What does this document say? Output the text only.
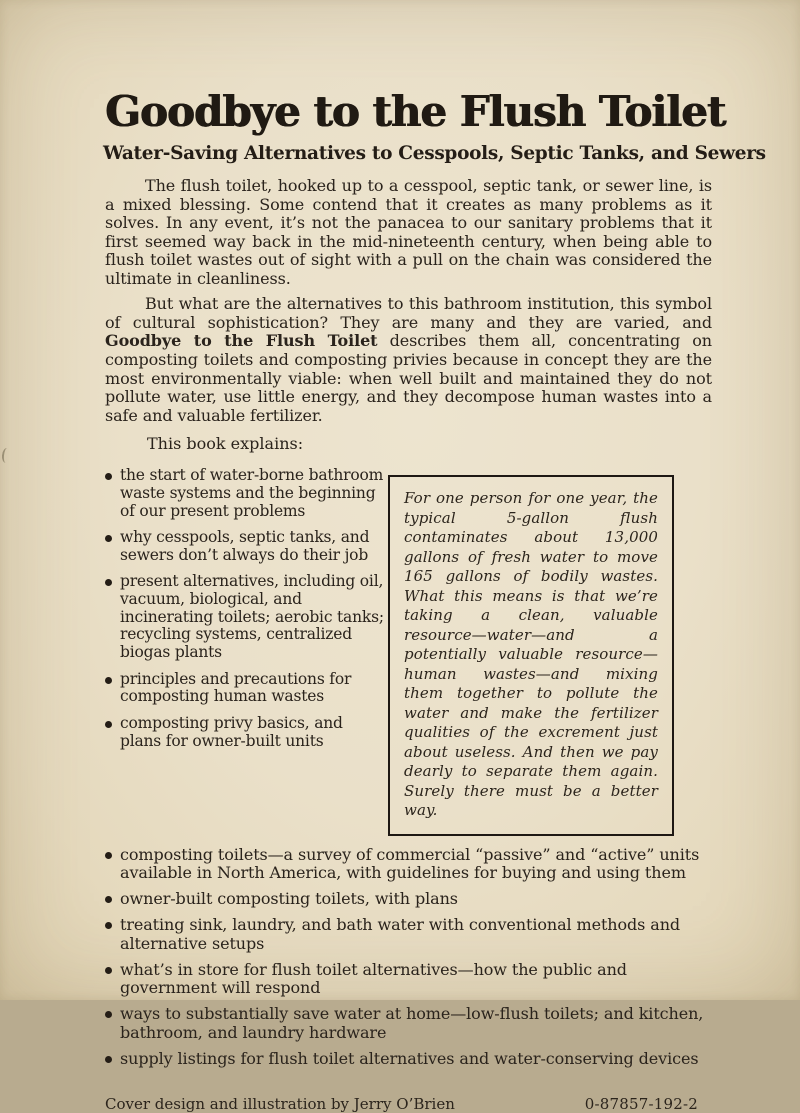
Goodbye to the Flush Toilet
Water-Saving Alternatives to Cesspools, Septic Tanks, and Sewers

The flush toilet, hooked up to a cesspool, septic tank, or sewer line, is a mixed blessing. Some contend that it creates as many problems as it solves. In any event, it’s not the panacea to our sanitary problems that it first seemed way back in the mid-nineteenth century, when being able to flush toilet wastes out of sight with a pull on the chain was considered the ultimate in cleanliness.

But what are the alternatives to this bathroom institution, this symbol of cultural sophistication? They are many and they are varied, and Goodbye to the Flush Toilet describes them all, concentrating on composting toilets and composting privies because in concept they are the most environmentally viable: when well built and maintained they do not pollute water, use little energy, and they decompose human wastes into a safe and valuable fertilizer.

This book explains:
the start of water-borne bathroom waste systems and the beginning of our present problems
why cesspools, septic tanks, and sewers don’t always do their job
present alternatives, including oil, vacuum, biological, and incinerating toilets; aerobic tanks; recycling systems, centralized biogas plants
principles and precautions for composting human wastes
composting privy basics, and plans for owner-built units

For one person for one year, the typical 5-gallon flush contaminates about 13,000 gallons of fresh water to move 165 gallons of bodily wastes. What this means is that we’re taking a clean, valuable resource—water—and a potentially valuable resource—human wastes—and mixing them together to pollute the water and make the fertilizer qualities of the excrement just about useless. And then we pay dearly to separate them again. Surely there must be a better way.

composting toilets—a survey of commercial “passive” and “active” units available in North America, with guidelines for buying and using them
owner-built composting toilets, with plans
treating sink, laundry, and bath water with conventional methods and alternative setups
what’s in store for flush toilet alternatives—how the public and government will respond
ways to substantially save water at home—low-flush toilets; and kitchen, bathroom, and laundry hardware
supply listings for flush toilet alternatives and water-conserving devices
Cover design and illustration by Jerry O’Brien	0-87857-192-2
